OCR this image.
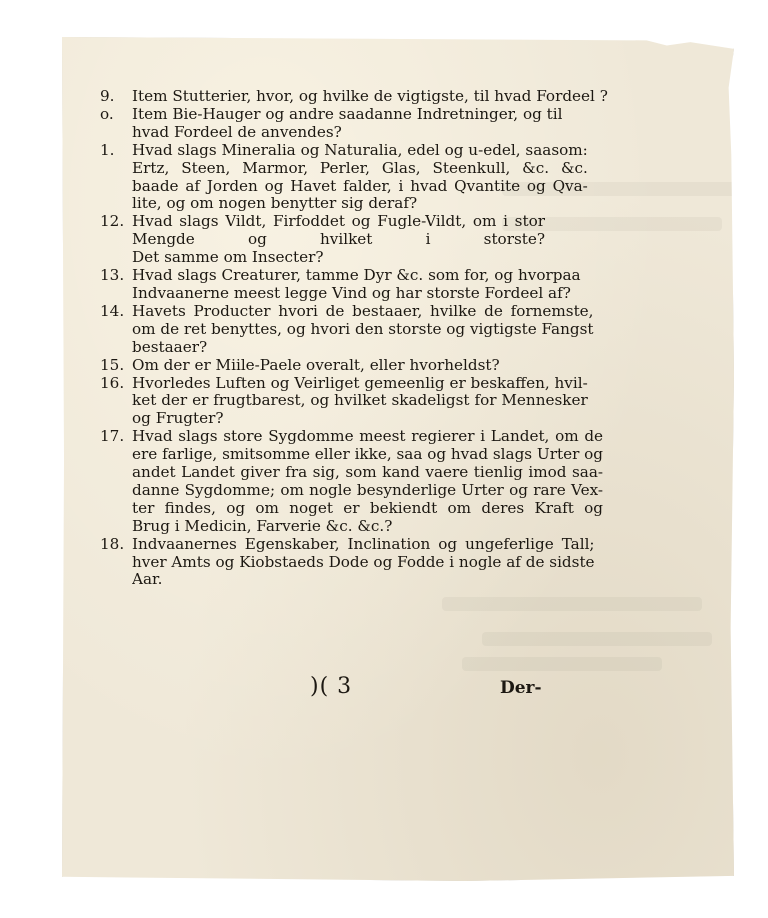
9.	Item Stutterier, hvor, og hvilke de vigtigste, til hvad Fordeel ?
o.	Item Bie-Hauger og andre saadanne Indretninger, og til
hvad Fordeel de anvendes?
1.	Hvad slags Mineralia og Naturalia, edel og u-edel, saasom:
Ertz, Steen, Marmor, Perler, Glas, Steenkull, &c. &c.
baade af Jorden og Havet falder, i hvad Qvantite og Qva-
lite, og om nogen benytter sig deraf?
12. Hvad slags Vildt, Firfoddet og Fugle-Vildt, om i stor
Mengde og hvilket i storste?
Det samme om Insecter?
13. Hvad slags Creaturer, tamme Dyr &c. som for, og hvorpaa
Indvaanerne meest legge Vind og har storste Fordeel af?
14. Havets Producter hvori de bestaaer, hvilke de fornemste,
om de ret benyttes, og hvori den storste og vigtigste Fangst
bestaaer?
15. Om der er Miile-Paele overalt, eller hvorheldst?
16. Hvorledes Luften og Veirliget gemeenlig er beskaffen, hvil-
ket der er frugtbarest, og hvilket skadeligst for Mennesker
og Frugter?
17. Hvad slags store Sygdomme meest regierer i Landet, om de
ere farlige, smitsomme eller ikke, saa og hvad slags Urter og
andet Landet giver fra sig, som kand vaere tienlig imod saa-
danne Sygdomme; om nogle besynderlige Urter og rare Vex-
ter findes, og om noget er bekiendt om deres Kraft og
Brug i Medicin, Farverie &c. &c.?
18. Indvaanernes Egenskaber, Inclination og ungeferlige Tall;
hver Amts og Kiobstaeds Dode og Fodde i nogle af de sidste
Aar.
)( 3	Der-
